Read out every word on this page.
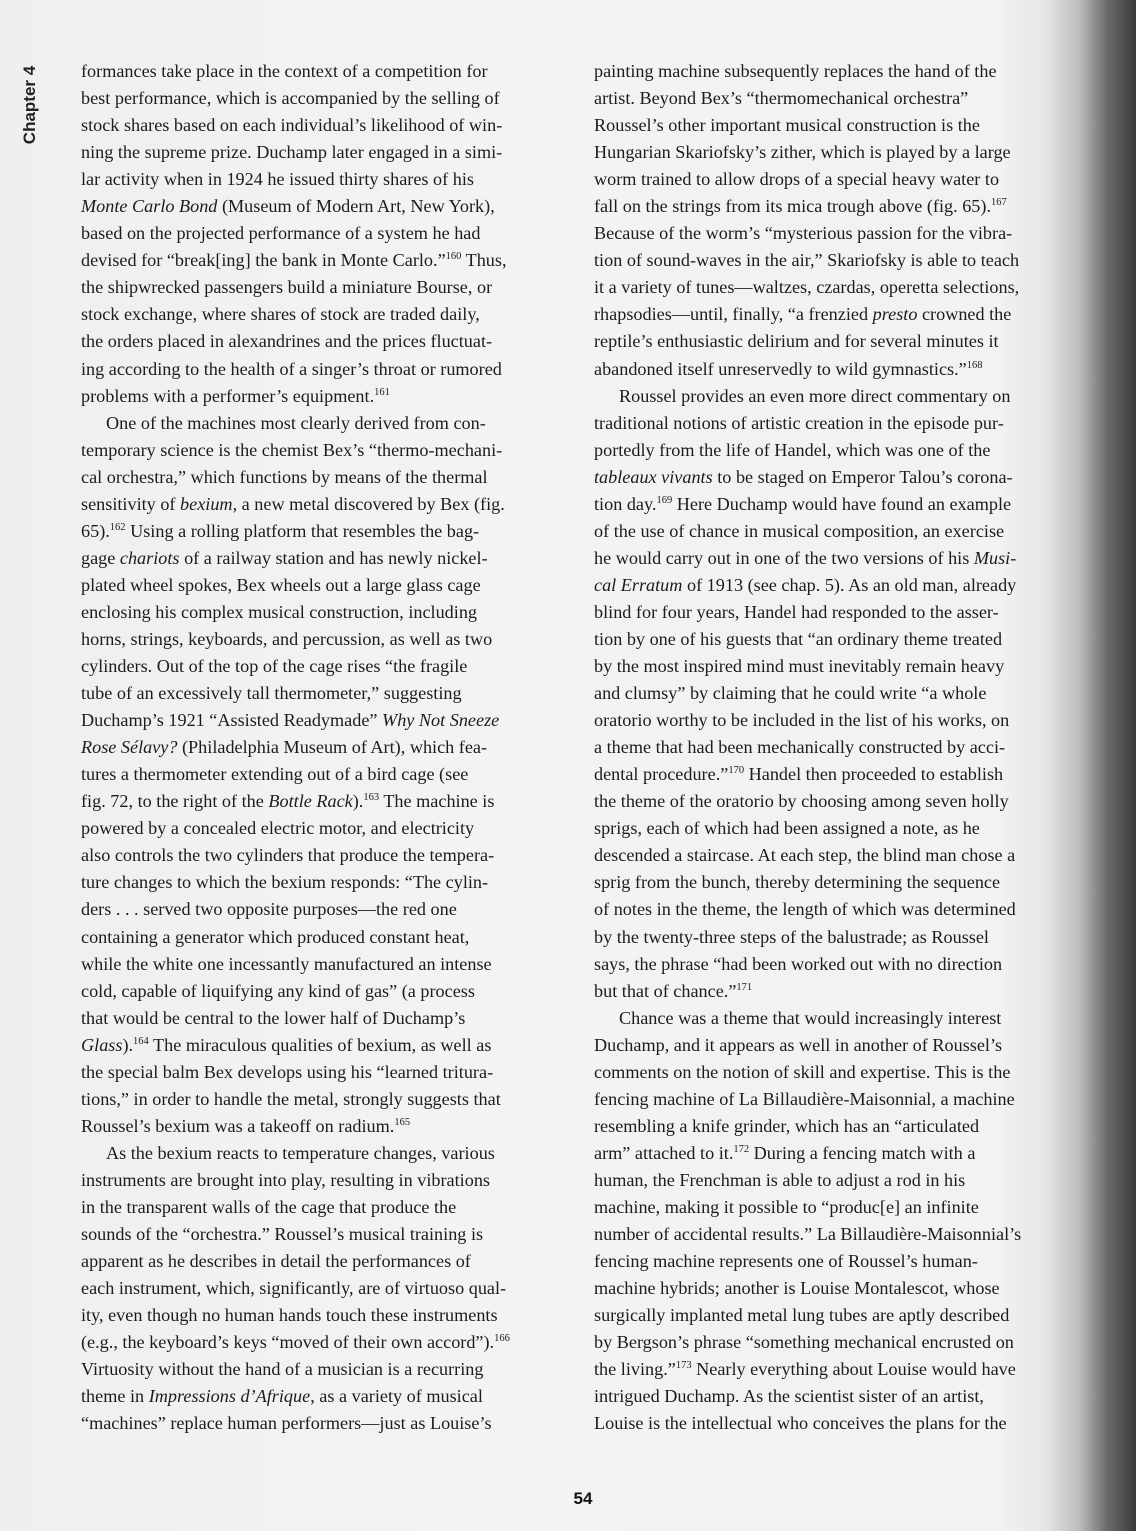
Chapter 4 formances take place in the context of a competition for
best performance, which is accompanied by the selling of
stock shares based on each individual’s likelihood of win-
ning the supreme prize. Duchamp later engaged in a simi-
lar activity when in 1924 he issued thirty shares of his
Monte Carlo Bond (Museum of Modern Art, New York),
based on the projected performance of a system he had
devised for “break[ing] the bank in Monte Carlo.”$^{160}$ Thus,
the shipwrecked passengers build a miniature Bourse, or
stock exchange, where shares of stock are traded daily,
the orders placed in alexandrines and the prices fluctuat-
ing according to the health of a singer’s throat or rumored
problems with a performer’s equipment.$^{161}$
One of the machines most clearly derived from con-
temporary science is the chemist Bex’s “thermo-mechani-
cal orchestra,” which functions by means of the thermal
sensitivity of bexium, a new metal discovered by Bex (fig.
65).$^{162}$ Using a rolling platform that resembles the bag-
gage chariots of a railway station and has newly nickel-
plated wheel spokes, Bex wheels out a large glass cage
enclosing his complex musical construction, including
horns, strings, keyboards, and percussion, as well as two
cylinders. Out of the top of the cage rises “the fragile
tube of an excessively tall thermometer,” suggesting
Duchamp’s 1921 “Assisted Readymade” Why Not Sneeze
Rose Sélavy? (Philadelphia Museum of Art), which fea-
tures a thermometer extending out of a bird cage (see
fig. 72, to the right of the Bottle Rack).$^{163}$ The machine is
powered by a concealed electric motor, and electricity
also controls the two cylinders that produce the tempera-
ture changes to which the bexium responds: “The cylin-
ders . . . served two opposite purposes—the red one
containing a generator which produced constant heat,
while the white one incessantly manufactured an intense
cold, capable of liquifying any kind of gas” (a process
that would be central to the lower half of Duchamp’s
Glass).$^{164}$ The miraculous qualities of bexium, as well as
the special balm Bex develops using his “learned tritura-
tions,” in order to handle the metal, strongly suggests that
Roussel’s bexium was a takeoff on radium.$^{165}$
As the bexium reacts to temperature changes, various
instruments are brought into play, resulting in vibrations
in the transparent walls of the cage that produce the
sounds of the “orchestra.” Roussel’s musical training is
apparent as he describes in detail the performances of
each instrument, which, significantly, are of virtuoso qual-
ity, even though no human hands touch these instruments
(e.g., the keyboard’s keys “moved of their own accord”).$^{166}$
Virtuosity without the hand of a musician is a recurring
theme in Impressions d’Afrique, as a variety of musical
“machines” replace human performers—just as Louise’s
painting machine subsequently replaces the hand of the
artist. Beyond Bex’s “thermomechanical orchestra”
Roussel’s other important musical construction is the
Hungarian Skariofsky’s zither, which is played by a large
worm trained to allow drops of a special heavy water to
fall on the strings from its mica trough above (fig. 65).$^{167}$
Because of the worm’s “mysterious passion for the vibra-
tion of sound-waves in the air,” Skariofsky is able to teach
it a variety of tunes—waltzes, czardas, operetta selections,
rhapsodies—until, finally, “a frenzied presto crowned the
reptile’s enthusiastic delirium and for several minutes it
abandoned itself unreservedly to wild gymnastics.”$^{168}$
Roussel provides an even more direct commentary on
traditional notions of artistic creation in the episode pur-
portedly from the life of Handel, which was one of the
tableaux vivants to be staged on Emperor Talou’s corona-
tion day.$^{169}$ Here Duchamp would have found an example
of the use of chance in musical composition, an exercise
he would carry out in one of the two versions of his Musi-
cal Erratum of 1913 (see chap. 5). As an old man, already
blind for four years, Handel had responded to the asser-
tion by one of his guests that “an ordinary theme treated
by the most inspired mind must inevitably remain heavy
and clumsy” by claiming that he could write “a whole
oratorio worthy to be included in the list of his works, on
a theme that had been mechanically constructed by acci-
dental procedure.”$^{170}$ Handel then proceeded to establish
the theme of the oratorio by choosing among seven holly
sprigs, each of which had been assigned a note, as he
descended a staircase. At each step, the blind man chose a
sprig from the bunch, thereby determining the sequence
of notes in the theme, the length of which was determined
by the twenty-three steps of the balustrade; as Roussel
says, the phrase “had been worked out with no direction
but that of chance.”$^{171}$
Chance was a theme that would increasingly interest
Duchamp, and it appears as well in another of Roussel’s
comments on the notion of skill and expertise. This is the
fencing machine of La Billaudière-Maisonnial, a machine
resembling a knife grinder, which has an “articulated
arm” attached to it.$^{172}$ During a fencing match with a
human, the Frenchman is able to adjust a rod in his
machine, making it possible to “produc[e] an infinite
number of accidental results.” La Billaudière-Maisonnial’s
fencing machine represents one of Roussel’s human-
machine hybrids; another is Louise Montalescot, whose
surgically implanted metal lung tubes are aptly described
by Bergson’s phrase “something mechanical encrusted on
the living.”$^{173}$ Nearly everything about Louise would have
intrigued Duchamp. As the scientist sister of an artist,
Louise is the intellectual who conceives the plans for the
54
